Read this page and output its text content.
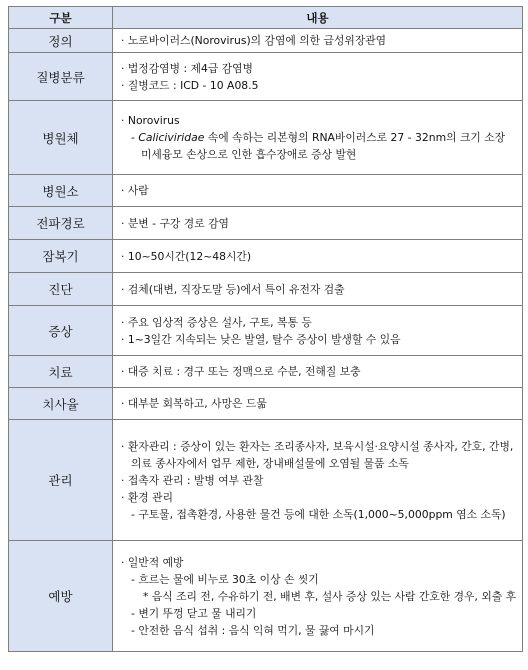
구분	내용
정의	· 노로바이러스(Norovirus)의 감염에 의한 급성위장관염

질병분류	· 법정감염병 : 제4급 감염병
· 질병코드 : ICD - 10 A08.5

병원체	· Norovirus
- Caliciviridae 속에 속하는 리본형의 RNA바이러스로 27 - 32nm의 크기 소장 미세융모 손상으로 인한 흡수장애로 증상 발현

병원소	· 사람

전파경로	· 분변 - 구강 경로 감염

잠복기	· 10~50시간(12~48시간)

진단	· 검체(대변, 직장도말 등)에서 특이 유전자 검출

증상	· 주요 임상적 증상은 설사, 구토, 복통 등
· 1~3일간 지속되는 낮은 발열, 탈수 증상이 발생할 수 있음

치료	· 대증 치료 : 경구 또는 정맥으로 수분, 전해질 보충

치사율	· 대부분 회복하고, 사망은 드묾

관리	· 환자관리 : 증상이 있는 환자는 조리종사자, 보육시설·요양시설 종사자, 간호, 간병, 의료 종사자에서 업무 제한, 장내배설물에 오염될 물품 소독
· 접촉자 관리 : 발병 여부 관찰
· 환경 관리
- 구토물, 접촉환경, 사용한 물건 등에 대한 소독(1,000~5,000ppm 염소 소독)

예방	· 일반적 예방
- 흐르는 물에 비누로 30초 이상 손 씻기
* 음식 조리 전, 수유하기 전, 배변 후, 설사 증상 있는 사람 간호한 경우, 외출 후
- 변기 뚜껑 닫고 물 내리기
- 안전한 음식 섭취 : 음식 익혀 먹기, 물 끓여 마시기
